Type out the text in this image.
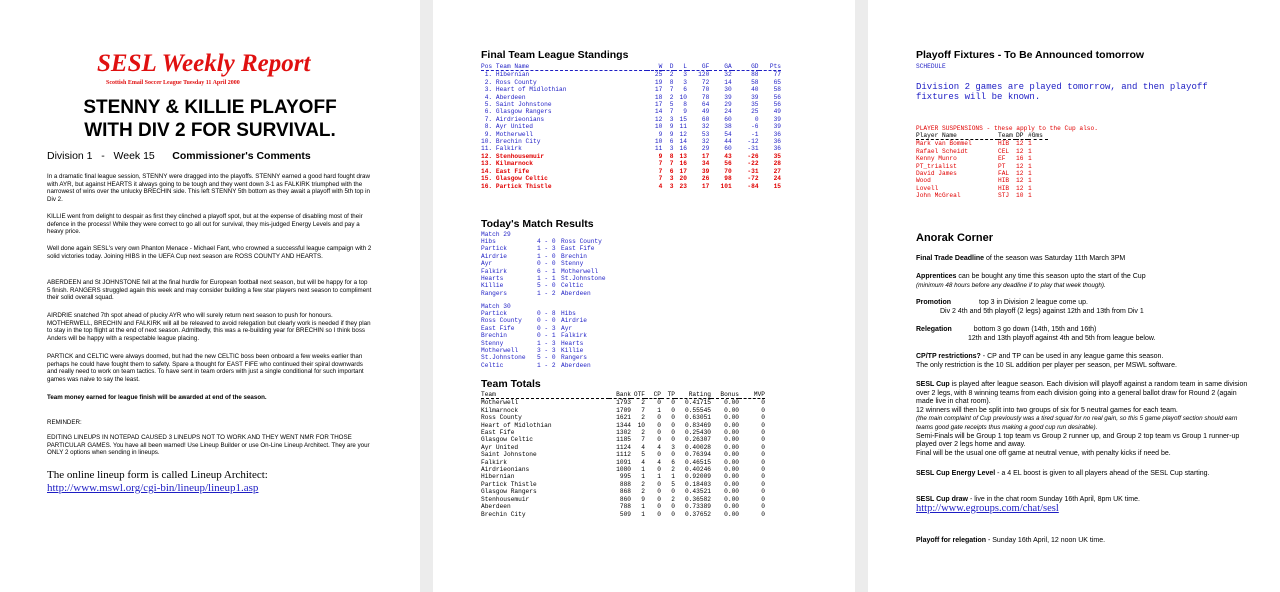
SESL Weekly Report
Scottish Email Soccer League Tuesday 11 April 2000
STENNY & KILLIE PLAYOFF
WITH DIV 2 FOR SURVIVAL.
Division 1   -   Week 15 Commissioner's Comments
In a dramatic final league session, STENNY were dragged into the playoffs. STENNY earned a good hard fought draw with AYR, but against HEARTS it always going to be tough and they went down 3-1 as FALKIRK triumphed with the narrowest of wins over the unlucky BRECHIN side. This left STENNY 5th bottom as they await a playoff with 5th top in Div 2.
KILLIE went from delight to despair as first they clinched a playoff spot, but at the expense of disabling most of their defence in the process! While they were correct to go all out for survival, they mis-judged Energy Levels and pay a heavy price.
Well done again SESL's very own Phanton Menace - Michael Fant, who crowned a successful league campaign with 2 solid victories today. Joining HIBS in the UEFA Cup next season are ROSS COUNTY AND HEARTS.
ABERDEEN and St JOHNSTONE fell at the final hurdle for European football next season, but will be happy for a top 5 finish. RANGERS struggled again this week and may consider building a few star players next season to compliment their solid overall squad.
AIRDRIE snatched 7th spot ahead of plucky AYR who will surely return next season to push for honours. MOTHERWELL, BRECHIN and FALKIRK will all be releaved to avoid relegation but clearly work is needed if they plan to stay in the top flight at the end of next season. Admittedly, this was a re-building year for BRECHIN so I think boss Anders will be happy with a respectable league placing.
PARTICK and CELTIC were always doomed, but had the new CELTIC boss been onboard a few weeks earlier than perhaps he could have fought them to safety. Spare a thought for EAST FIFE who continued their spiral downwards and really need to work on team tactics. To have sent in team orders with just a single conditional for such important games was naive to say the least.
Team money earned for league finish will be awarded at end of the season.
REMINDER:
EDITING LINEUPS IN NOTEPAD CAUSED 3 LINEUPS NOT TO WORK AND THEY WENT NMR FOR THOSE PARTICULAR GAMES. You have all been warned! Use Lineup Builder or use On-Line Lineup Architect. They are your ONLY 2 options when sending in lineups.
The online lineup form is called Lineup Architect:
http://www.mswl.org/cgi-bin/lineup/lineup1.asp
Final Team League Standings
Pos Team Name	W	D	L	GF	GA	GD	Pts
1. Hibernian	25	2	3	120	32	88	77
2. Ross County	19	8	3	72	14	58	65
3. Heart of Midlothian	17	7	6	70	30	40	58
4. Aberdeen	18	2	10	78	39	39	56
5. Saint Johnstone	17	5	8	64	29	35	56
6. Glasgow Rangers	14	7	9	49	24	25	49
7. Airdrieonians	12	3	15	60	60	0	39
8. Ayr United	10	9	11	32	38	-6	39
9. Motherwell	9	9	12	53	54	-1	36
10. Brechin City	10	6	14	32	44	-12	36
11. Falkirk	11	3	16	29	60	-31	36
12. Stenhousemuir	9	8	13	17	43	-26	35
13. Kilmarnock	7	7	16	34	56	-22	28
14. East Fife	7	6	17	39	70	-31	27
15. Glasgow Celtic	7	3	20	26	98	-72	24
16. Partick Thistle	4	3	23	17	101	-84	15
Today's Match Results
Match 29
Hibs	4 - 0	Ross County
Partick	1 - 3	East Fife
Airdrie	1 - 0	Brechin
Ayr	0 - 0	Stenny
Falkirk	6 - 1	Motherwell
Hearts	1 - 1	St.Johnstone
Killie	5 - 0	Celtic
Rangers	1 - 2	Aberdeen
Match 30
Partick	0 - 8	Hibs
Ross County	0 - 0	Airdrie
East Fife	0 - 3	Ayr
Brechin	0 - 1	Falkirk
Stenny	1 - 3	Hearts
Motherwell	3 - 3	Killie
St.Johnstone	5 - 0	Rangers
Celtic	1 - 2	Aberdeen
Team Totals
Team	Bank	OTF	CP	TP	Rating	Bonus	MVP
Motherwell	1793	2	0	0	0.41715	0.00	0
Kilmarnock	1709	7	1	0	0.55545	0.00	0
Ross County	1621	2	0	0	0.63051	0.00	0
Heart of Midlothian	1344	10	0	0	0.83469	0.00	0
East Fife	1302	2	0	0	0.25430	0.00	0
Glasgow Celtic	1185	7	0	0	0.26307	0.00	0
Ayr United	1124	4	4	3	0.40028	0.00	0
Saint Johnstone	1112	5	0	0	0.76394	0.00	0
Falkirk	1091	4	4	6	0.46515	0.00	0
Airdrieonians	1080	1	0	2	0.40246	0.00	0
Hibernian	995	1	1	1	0.92009	0.00	0
Partick Thistle	888	2	0	5	0.18403	0.00	0
Glasgow Rangers	868	2	0	0	0.43521	0.00	0
Stenhousemuir	860	9	0	2	0.36582	0.00	0
Aberdeen	788	1	0	0	0.73389	0.00	0
Brechin City	509	1	0	0	0.37652	0.00	0
Playoff Fixtures - To Be Announced tomorrow
SCHEDULE
Division 2 games are played tomorrow, and then playoff fixtures will be known.
PLAYER SUSPENSIONS - these apply to the Cup also.
Player Name	Team	DP	#Gms
Mark van Bommel	HIB	12	1
Rafael Scheidt	CEL	12	1
Kenny Munro	EF	16	1
PT_trialist	PT	12	1
David James	FAL	12	1
Wood	HIB	12	1
Lovell	HIB	12	1
John McGreal	STJ	10	1
Anorak Corner
Final Trade Deadline of the season was Saturday 11th March 3PM
Apprentices can be bought any time this season upto the start of the Cup
(minimum 48 hours before any deadline if to play that week though).
Promotion	top 3 in Division 2 league come up.
Div 2 4th and 5th playoff (2 legs) against 12th and 13th from Div 1
Relegation	bottom 3 go down (14th, 15th and 16th)
12th and 13th playoff against 4th and 5th from league below.
CP/TP restrictions? - CP and TP can be used in any league game this season.
The only restriction is the 10 SL addition per player per season, per MSWL software.
SESL Cup is played after league season. Each division will playoff against a random team in same division over 2 legs, with 8 winning teams from each division going into a general ballot draw for Round 2 (again made live in chat room).
12 winners will then be split into two groups of six for 5 neutral games for each team.
(the main complaint of Cup previously was a tired squad for no real gain, so this 5 game playoff section should earn teams good gate receipts thus making a good cup run desirable).
Semi-Finals will be Group 1 top team vs Group 2 runner up, and Group 2 top team vs Group 1 runner-up played over 2 legs home and away.
Final will be the usual one off game at neutral venue, with penalty kicks if need be.
SESL Cup Energy Level - a 4 EL boost is given to all players ahead of the SESL Cup starting.
SESL Cup draw - live in the chat room Sunday 16th April, 8pm UK time.
http://www.egroups.com/chat/sesl
Playoff for relegation - Sunday 16th April, 12 noon UK time.
